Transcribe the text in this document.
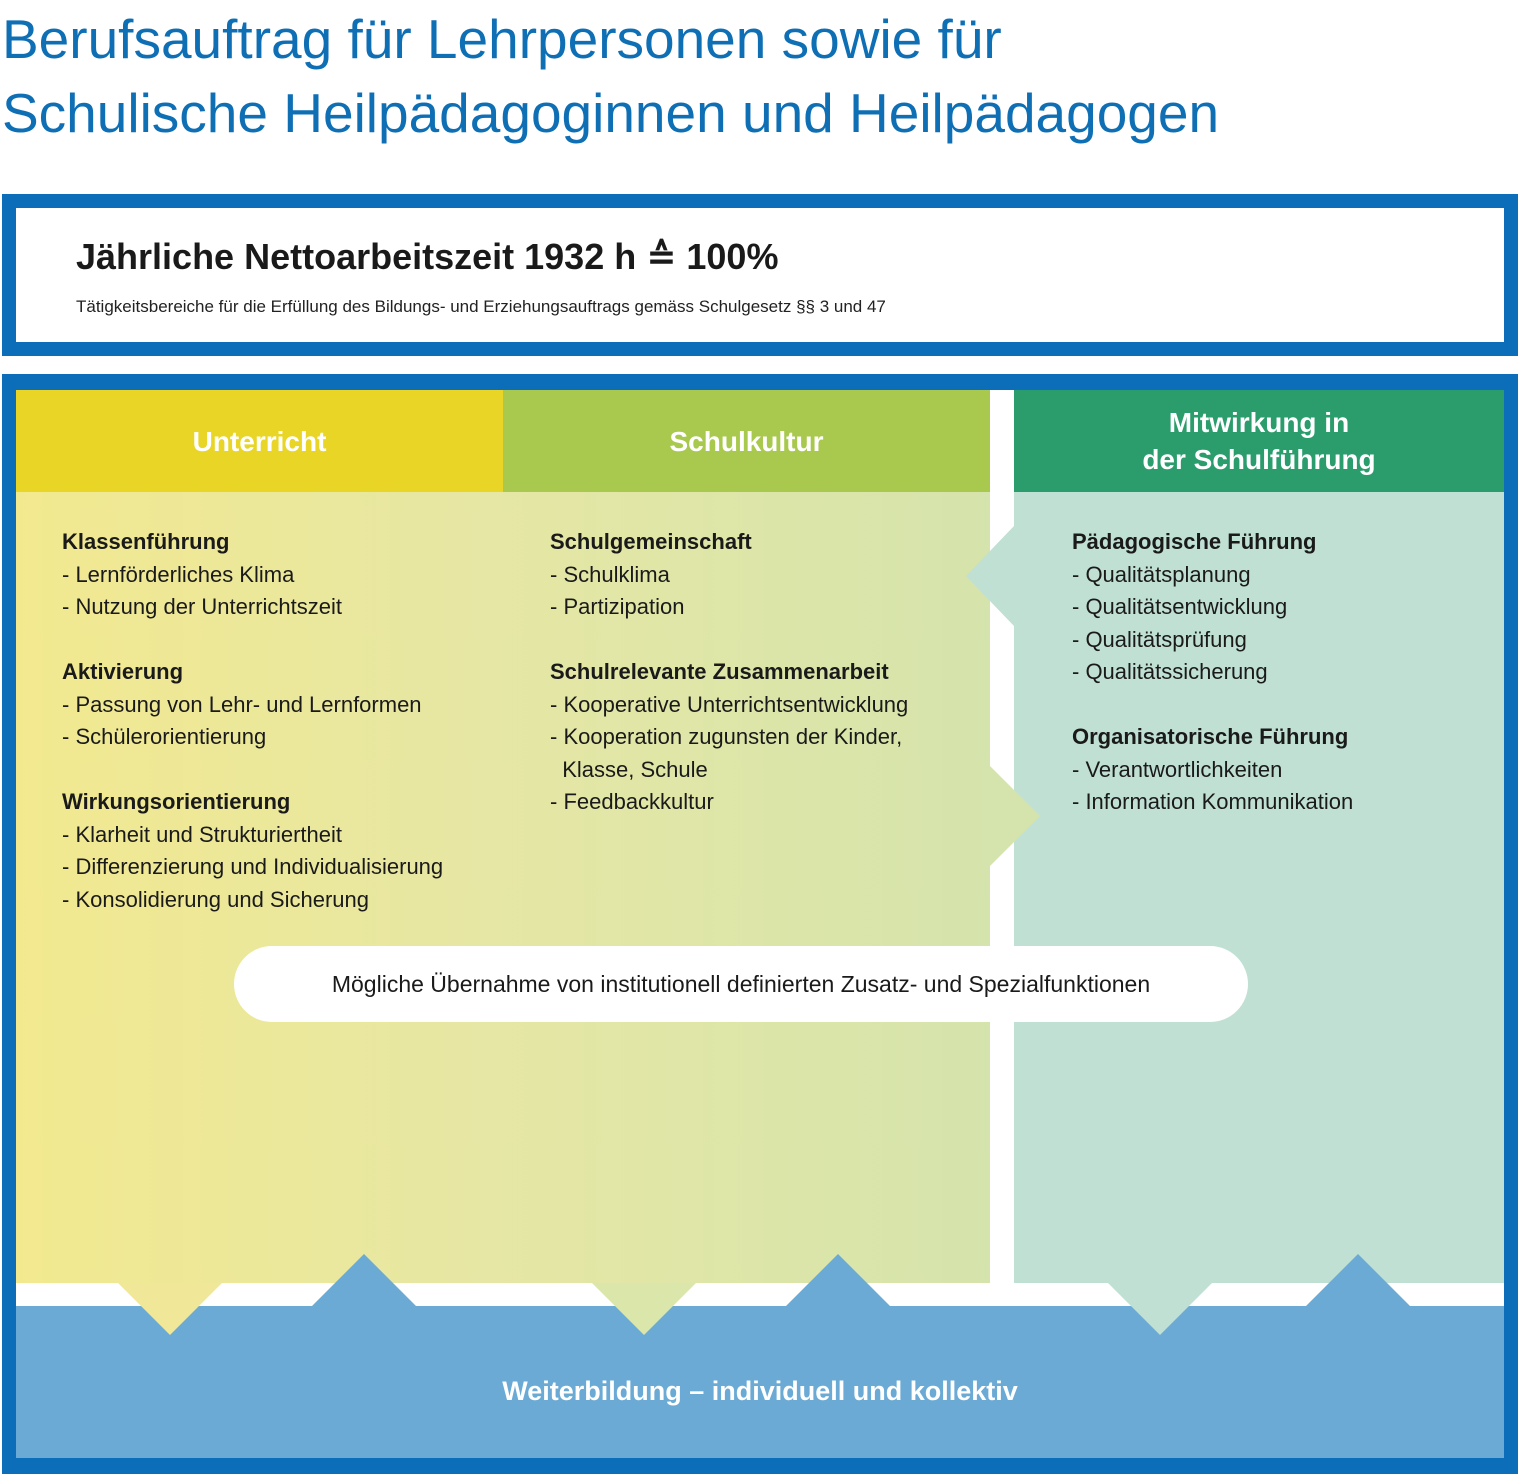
Berufsauftrag für Lehrpersonen sowie für
Schulische Heilpädagoginnen und Heilpädagogen
Jährliche Nettoarbeitszeit 1932 h ≙ 100%
Tätigkeitsbereiche für die Erfüllung des Bildungs- und Erziehungsauftrags gemäss Schulgesetz §§ 3 und 47
Unterricht	Schulkultur
Mitwirkung in
der Schulführung
Klassenführung
- Lernförderliches Klima
- Nutzung der Unterrichtszeit
Aktivierung
- Passung von Lehr- und Lernformen
- Schülerorientierung
Wirkungsorientierung
- Klarheit und Strukturiertheit
- Differenzierung und Individualisierung
- Konsolidierung und Sicherung
Schulgemeinschaft
- Schulklima
- Partizipation
Schulrelevante Zusammenarbeit
- Kooperative Unterrichtsentwicklung
- Kooperation zugunsten der Kinder,
Klasse, Schule
- Feedbackkultur
Pädagogische Führung
- Qualitätsplanung
- Qualitätsentwicklung
- Qualitätsprüfung
- Qualitätssicherung
Organisatorische Führung
- Verantwortlichkeiten
- Information Kommunikation
Mögliche Übernahme von institutionell definierten Zusatz- und Spezialfunktionen
Weiterbildung – individuell und kollektiv
